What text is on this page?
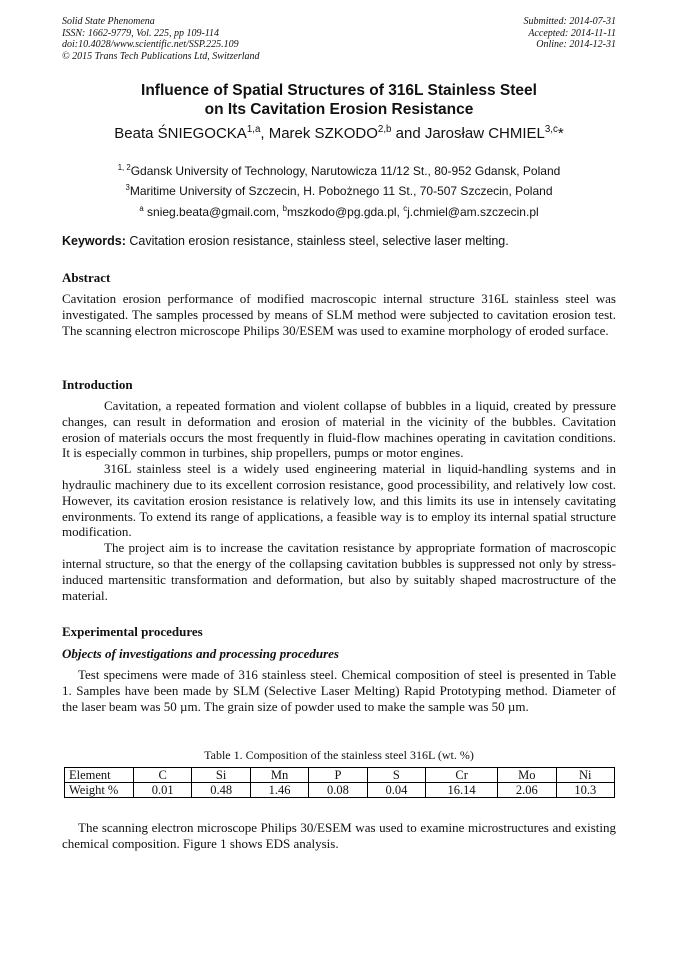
Solid State Phenomena
ISSN: 1662-9779, Vol. 225, pp 109-114
doi:10.4028/www.scientific.net/SSP.225.109
© 2015 Trans Tech Publications Ltd, Switzerland
Submitted: 2014-07-31
Accepted: 2014-11-11
Online: 2014-12-31
Influence of Spatial Structures of 316L Stainless Steel
on Its Cavitation Erosion Resistance
Beata ŚNIEGOCKA$^{1,a}$, Marek SZKODO$^{2,b}$ and Jarosław CHMIEL$^{3,c}$*
$^{1, 2}$Gdansk University of Technology, Narutowicza 11/12 St., 80-952 Gdansk, Poland
$^3$Maritime University of Szczecin, H. Pobożnego 11 St., 70-507 Szczecin, Poland
$^a$ snieg.beata@gmail.com, $^b$mszkodo@pg.gda.pl, $^c$j.chmiel@am.szczecin.pl
Keywords: Cavitation erosion resistance, stainless steel, selective laser melting.
Abstract
Cavitation erosion performance of modified macroscopic internal structure 316L stainless steel was investigated. The samples processed by means of SLM method were subjected to cavitation erosion test. The scanning electron microscope Philips 30/ESEM was used to examine morphology of eroded surface.
Introduction

Cavitation, a repeated formation and violent collapse of bubbles in a liquid, created by pressure changes, can result in deformation and erosion of material in the vicinity of the bubbles. Cavitation erosion of materials occurs the most frequently in fluid-flow machines operating in cavitation conditions. It is especially common in turbines, ship propellers, pumps or motor engines.

316L stainless steel is a widely used engineering material in liquid-handling systems and in hydraulic machinery due to its excellent corrosion resistance, good processibility, and relatively low cost. However, its cavitation erosion resistance is relatively low, and this limits its use in intensely cavitating environments. To extend its range of applications, a feasible way is to employ its internal spatial structure modification.

The project aim is to increase the cavitation resistance by appropriate formation of macroscopic internal structure, so that the energy of the collapsing cavitation bubbles is suppressed not only by stress-induced martensitic transformation and deformation, but also by suitably shaped macrostructure of the material.

Experimental procedures
Objects of investigations and processing procedures

Test specimens were made of 316 stainless steel. Chemical composition of steel is presented in Table 1. Samples have been made by SLM (Selective Laser Melting) Rapid Prototyping method. Diameter of the laser beam was 50 µm. The grain size of powder used to make the sample was 50 µm.

Table 1. Composition of the stainless steel 316L (wt. %)
Element	C	Si	Mn	P	S	Cr	Mo	Ni
Weight %	0.01	0.48	1.46	0.08	0.04	16.14	2.06	10.3

The scanning electron microscope Philips 30/ESEM was used to examine microstructures and existing chemical composition. Figure 1 shows EDS analysis.
